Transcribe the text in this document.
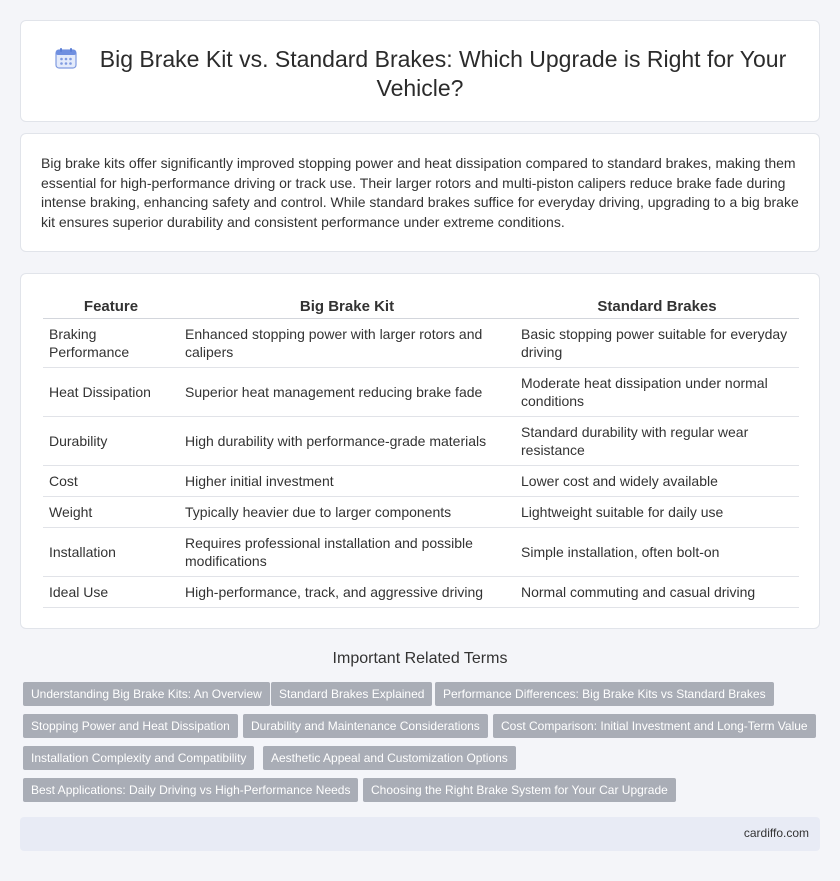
Big Brake Kit vs. Standard Brakes: Which Upgrade is Right for Your Vehicle?

Big brake kits offer significantly improved stopping power and heat dissipation compared to standard brakes, making them essential for high-performance driving or track use. Their larger rotors and multi-piston calipers reduce brake fade during intense braking, enhancing safety and control. While standard brakes suffice for everyday driving, upgrading to a big brake kit ensures superior durability and consistent performance under extreme conditions.

Feature	Big Brake Kit	Standard Brakes
Braking Performance	Enhanced stopping power with larger rotors and calipers	Basic stopping power suitable for everyday driving
Heat Dissipation	Superior heat management reducing brake fade	Moderate heat dissipation under normal conditions
Durability	High durability with performance-grade materials	Standard durability with regular wear resistance
Cost	Higher initial investment	Lower cost and widely available
Weight	Typically heavier due to larger components	Lightweight suitable for daily use
Installation	Requires professional installation and possible modifications	Simple installation, often bolt-on
Ideal Use	High-performance, track, and aggressive driving	Normal commuting and casual driving
Important Related Terms
Understanding Big Brake Kits: An Overview	Standard Brakes Explained	Performance Differences: Big Brake Kits vs Standard Brakes
Stopping Power and Heat Dissipation	Durability and Maintenance Considerations	Cost Comparison: Initial Investment and Long-Term Value
Installation Complexity and Compatibility	Aesthetic Appeal and Customization Options
Best Applications: Daily Driving vs High-Performance Needs	Choosing the Right Brake System for Your Car Upgrade
cardiffo.com
